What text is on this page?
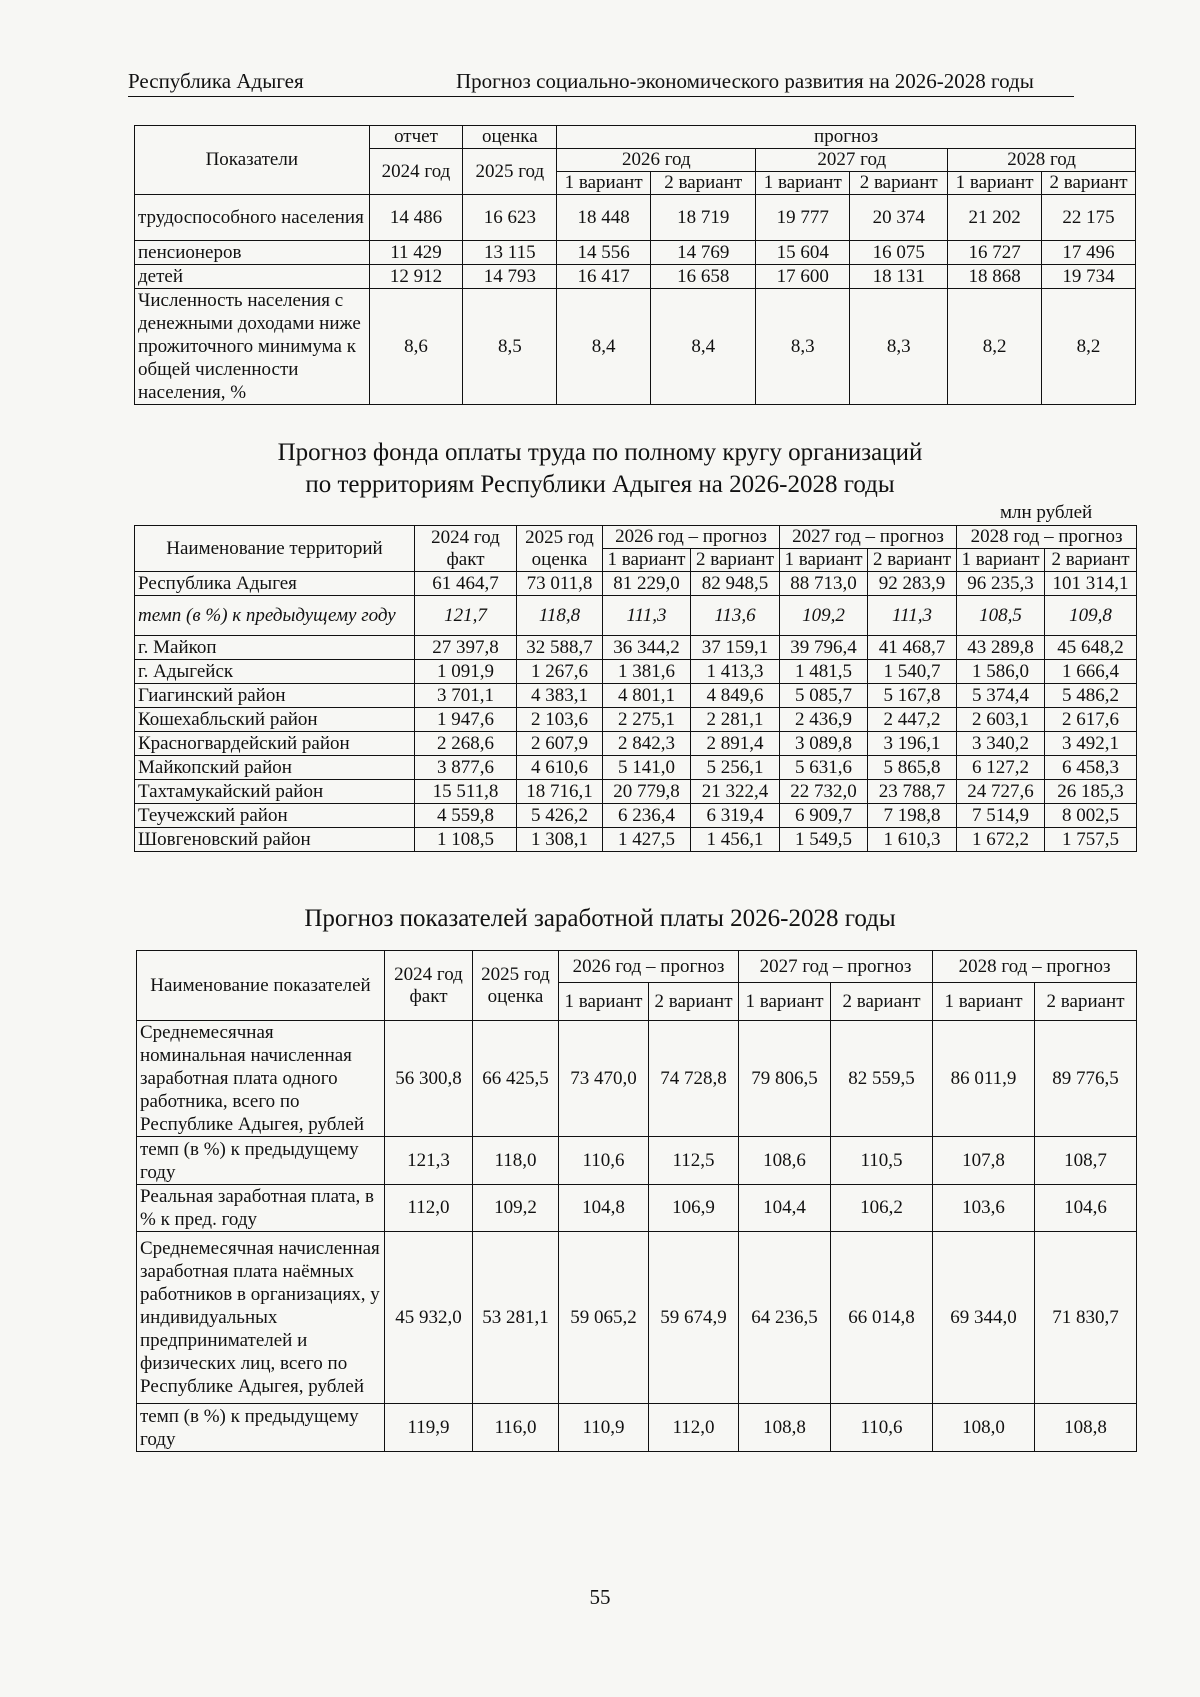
Республика Адыгея	Прогноз социально-экономического развития на 2026-2028 годы
Показатели	отчет	оценка	прогноз					
	2024 год	2025 год	2026 год		2027 год		2028 год	
			1 вариант	2 вариант	1 вариант	2 вариант	1 вариант	2 вариант
трудоспособного населения	14 486	16 623	18 448	18 719	19 777	20 374	21 202	22 175
пенсионеров	11 429	13 115	14 556	14 769	15 604	16 075	16 727	17 496
детей	12 912	14 793	16 417	16 658	17 600	18 131	18 868	19 734
Численность населения с денежными доходами ниже прожиточного минимума к общей численности населения, %	8,6	8,5	8,4	8,4	8,3	8,3	8,2	8,2
Прогноз фонда оплаты труда по полному кругу организаций
по территориям Республики Адыгея на 2026-2028 годы
млн рублей
Наименование территорий	2024 год факт	2025 год оценка	2026 год – прогноз		2027 год – прогноз		2028 год – прогноз	
			1 вариант	2 вариант	1 вариант	2 вариант	1 вариант	2 вариант
Республика Адыгея	61 464,7	73 011,8	81 229,0	82 948,5	88 713,0	92 283,9	96 235,3	101 314,1
темп (в %) к предыдущему году	121,7	118,8	111,3	113,6	109,2	111,3	108,5	109,8
г. Майкоп	27 397,8	32 588,7	36 344,2	37 159,1	39 796,4	41 468,7	43 289,8	45 648,2
г. Адыгейск	1 091,9	1 267,6	1 381,6	1 413,3	1 481,5	1 540,7	1 586,0	1 666,4
Гиагинский район	3 701,1	4 383,1	4 801,1	4 849,6	5 085,7	5 167,8	5 374,4	5 486,2
Кошехабльский район	1 947,6	2 103,6	2 275,1	2 281,1	2 436,9	2 447,2	2 603,1	2 617,6
Красногвардейский район	2 268,6	2 607,9	2 842,3	2 891,4	3 089,8	3 196,1	3 340,2	3 492,1
Майкопский район	3 877,6	4 610,6	5 141,0	5 256,1	5 631,6	5 865,8	6 127,2	6 458,3
Тахтамукайский район	15 511,8	18 716,1	20 779,8	21 322,4	22 732,0	23 788,7	24 727,6	26 185,3
Теучежский район	4 559,8	5 426,2	6 236,4	6 319,4	6 909,7	7 198,8	7 514,9	8 002,5
Шовгеновский район	1 108,5	1 308,1	1 427,5	1 456,1	1 549,5	1 610,3	1 672,2	1 757,5
Прогноз показателей заработной платы 2026-2028 годы
Наименование показателей	2024 год факт	2025 год оценка	2026 год – прогноз		2027 год – прогноз		2028 год – прогноз	
			1 вариант	2 вариант	1 вариант	2 вариант	1 вариант	2 вариант
Среднемесячная номинальная начисленная заработная плата одного работника, всего по Республике Адыгея, рублей	56 300,8	66 425,5	73 470,0	74 728,8	79 806,5	82 559,5	86 011,9	89 776,5
темп (в %) к предыдущему году	121,3	118,0	110,6	112,5	108,6	110,5	107,8	108,7
Реальная заработная плата, в % к пред. году	112,0	109,2	104,8	106,9	104,4	106,2	103,6	104,6
Среднемесячная начисленная заработная плата наёмных работников в организациях, у индивидуальных предпринимателей и физических лиц, всего по Республике Адыгея, рублей	45 932,0	53 281,1	59 065,2	59 674,9	64 236,5	66 014,8	69 344,0	71 830,7
темп (в %) к предыдущему году	119,9	116,0	110,9	112,0	108,8	110,6	108,0	108,8
55
